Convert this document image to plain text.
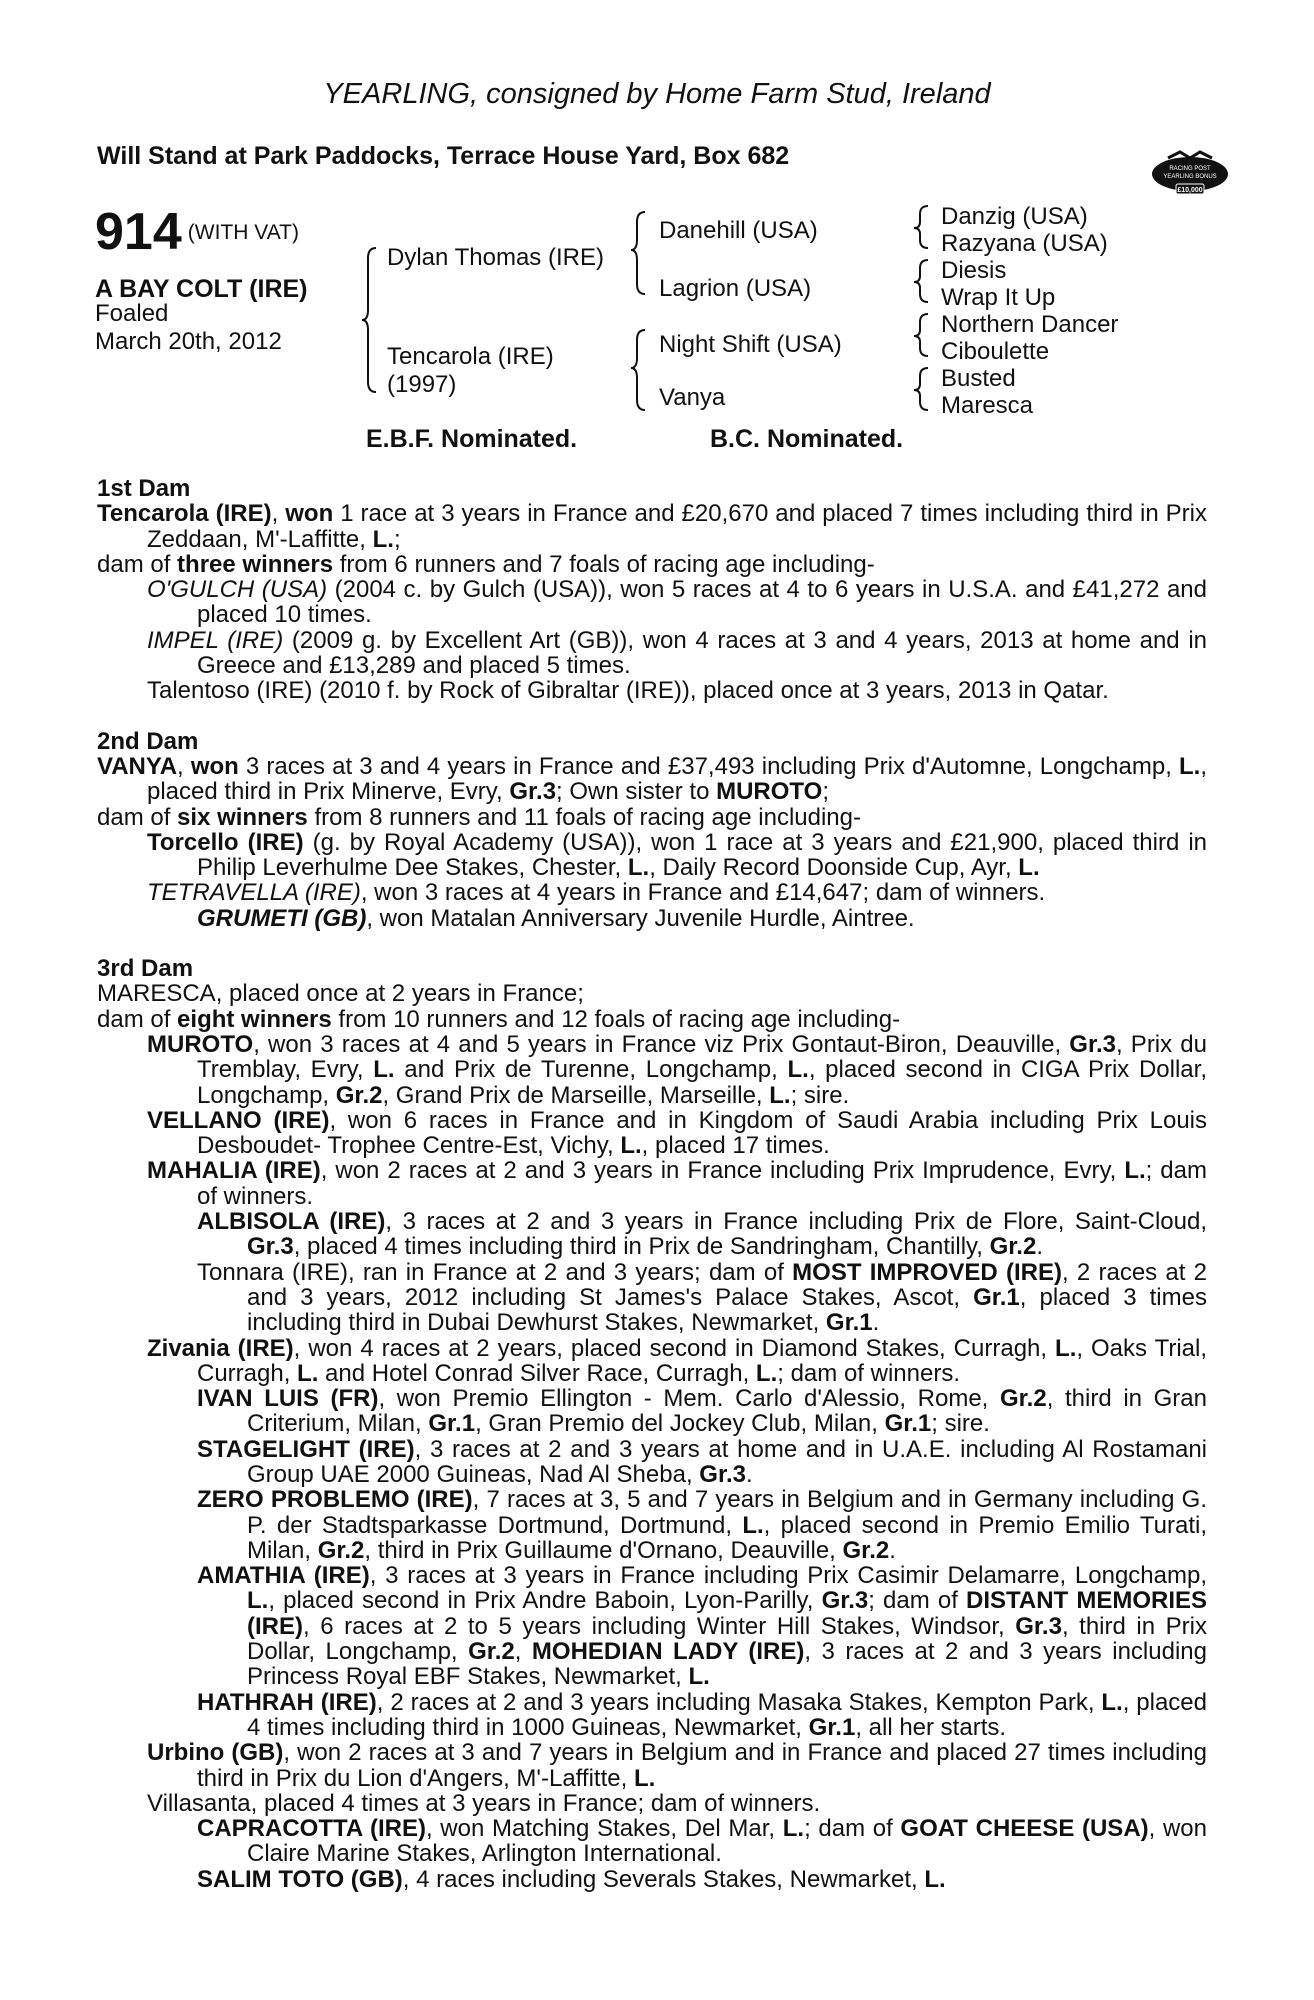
YEARLING, consigned by Home Farm Stud, Ireland
Will Stand at Park Paddocks, Terrace House Yard, Box 682	RACING POST
YEARLING BONUS
£10,000
914 (WITH VAT)
A BAY COLT (IRE)
Foaled
March 20th, 2012
Dylan Thomas (IRE)
Tencarola (IRE)
(1997)
Danehill (USA)
Lagrion (USA)
Night Shift (USA)
Vanya
Danzig (USA)
Razyana (USA)
Diesis
Wrap It Up
Northern Dancer
Ciboulette
Busted
Maresca
E.B.F. Nominated.	B.C. Nominated.

1st Dam

Tencarola (IRE), won 1 race at 3 years in France and £20,670 and placed 7 times including third in Prix Zeddaan, M'-Laffitte, L.;

dam of three winners from 6 runners and 7 foals of racing age including-

O'GULCH (USA) (2004 c. by Gulch (USA)), won 5 races at 4 to 6 years in U.S.A. and £41,272 and placed 10 times.

IMPEL (IRE) (2009 g. by Excellent Art (GB)), won 4 races at 3 and 4 years, 2013 at home and in Greece and £13,289 and placed 5 times.

Talentoso (IRE) (2010 f. by Rock of Gibraltar (IRE)), placed once at 3 years, 2013 in Qatar.

2nd Dam

VANYA, won 3 races at 3 and 4 years in France and £37,493 including Prix d'Automne, Longchamp, L., placed third in Prix Minerve, Evry, Gr.3; Own sister to MUROTO;

dam of six winners from 8 runners and 11 foals of racing age including-

Torcello (IRE) (g. by Royal Academy (USA)), won 1 race at 3 years and £21,900, placed third in Philip Leverhulme Dee Stakes, Chester, L., Daily Record Doonside Cup, Ayr, L.

TETRAVELLA (IRE), won 3 races at 4 years in France and £14,647; dam of winners.

GRUMETI (GB), won Matalan Anniversary Juvenile Hurdle, Aintree.

3rd Dam

MARESCA, placed once at 2 years in France;

dam of eight winners from 10 runners and 12 foals of racing age including-

MUROTO, won 3 races at 4 and 5 years in France viz Prix Gontaut-Biron, Deauville, Gr.3, Prix du Tremblay, Evry, L. and Prix de Turenne, Longchamp, L., placed second in CIGA Prix Dollar, Longchamp, Gr.2, Grand Prix de Marseille, Marseille, L.; sire.

VELLANO (IRE), won 6 races in France and in Kingdom of Saudi Arabia including Prix Louis Desboudet- Trophee Centre-Est, Vichy, L., placed 17 times.

MAHALIA (IRE), won 2 races at 2 and 3 years in France including Prix Imprudence, Evry, L.; dam of winners.

ALBISOLA (IRE), 3 races at 2 and 3 years in France including Prix de Flore, Saint-Cloud, Gr.3, placed 4 times including third in Prix de Sandringham, Chantilly, Gr.2.

Tonnara (IRE), ran in France at 2 and 3 years; dam of MOST IMPROVED (IRE), 2 races at 2 and 3 years, 2012 including St James's Palace Stakes, Ascot, Gr.1, placed 3 times including third in Dubai Dewhurst Stakes, Newmarket, Gr.1.

Zivania (IRE), won 4 races at 2 years, placed second in Diamond Stakes, Curragh, L., Oaks Trial, Curragh, L. and Hotel Conrad Silver Race, Curragh, L.; dam of winners.

IVAN LUIS (FR), won Premio Ellington - Mem. Carlo d'Alessio, Rome, Gr.2, third in Gran Criterium, Milan, Gr.1, Gran Premio del Jockey Club, Milan, Gr.1; sire.

STAGELIGHT (IRE), 3 races at 2 and 3 years at home and in U.A.E. including Al Rostamani Group UAE 2000 Guineas, Nad Al Sheba, Gr.3.

ZERO PROBLEMO (IRE), 7 races at 3, 5 and 7 years in Belgium and in Germany including G. P. der Stadtsparkasse Dortmund, Dortmund, L., placed second in Premio Emilio Turati, Milan, Gr.2, third in Prix Guillaume d'Ornano, Deauville, Gr.2.

AMATHIA (IRE), 3 races at 3 years in France including Prix Casimir Delamarre, Longchamp, L., placed second in Prix Andre Baboin, Lyon-Parilly, Gr.3; dam of DISTANT MEMORIES (IRE), 6 races at 2 to 5 years including Winter Hill Stakes, Windsor, Gr.3, third in Prix Dollar, Longchamp, Gr.2, MOHEDIAN LADY (IRE), 3 races at 2 and 3 years including Princess Royal EBF Stakes, Newmarket, L.

HATHRAH (IRE), 2 races at 2 and 3 years including Masaka Stakes, Kempton Park, L., placed 4 times including third in 1000 Guineas, Newmarket, Gr.1, all her starts.

Urbino (GB), won 2 races at 3 and 7 years in Belgium and in France and placed 27 times including third in Prix du Lion d'Angers, M'-Laffitte, L.

Villasanta, placed 4 times at 3 years in France; dam of winners.

CAPRACOTTA (IRE), won Matching Stakes, Del Mar, L.; dam of GOAT CHEESE (USA), won Claire Marine Stakes, Arlington International.

SALIM TOTO (GB), 4 races including Severals Stakes, Newmarket, L.
